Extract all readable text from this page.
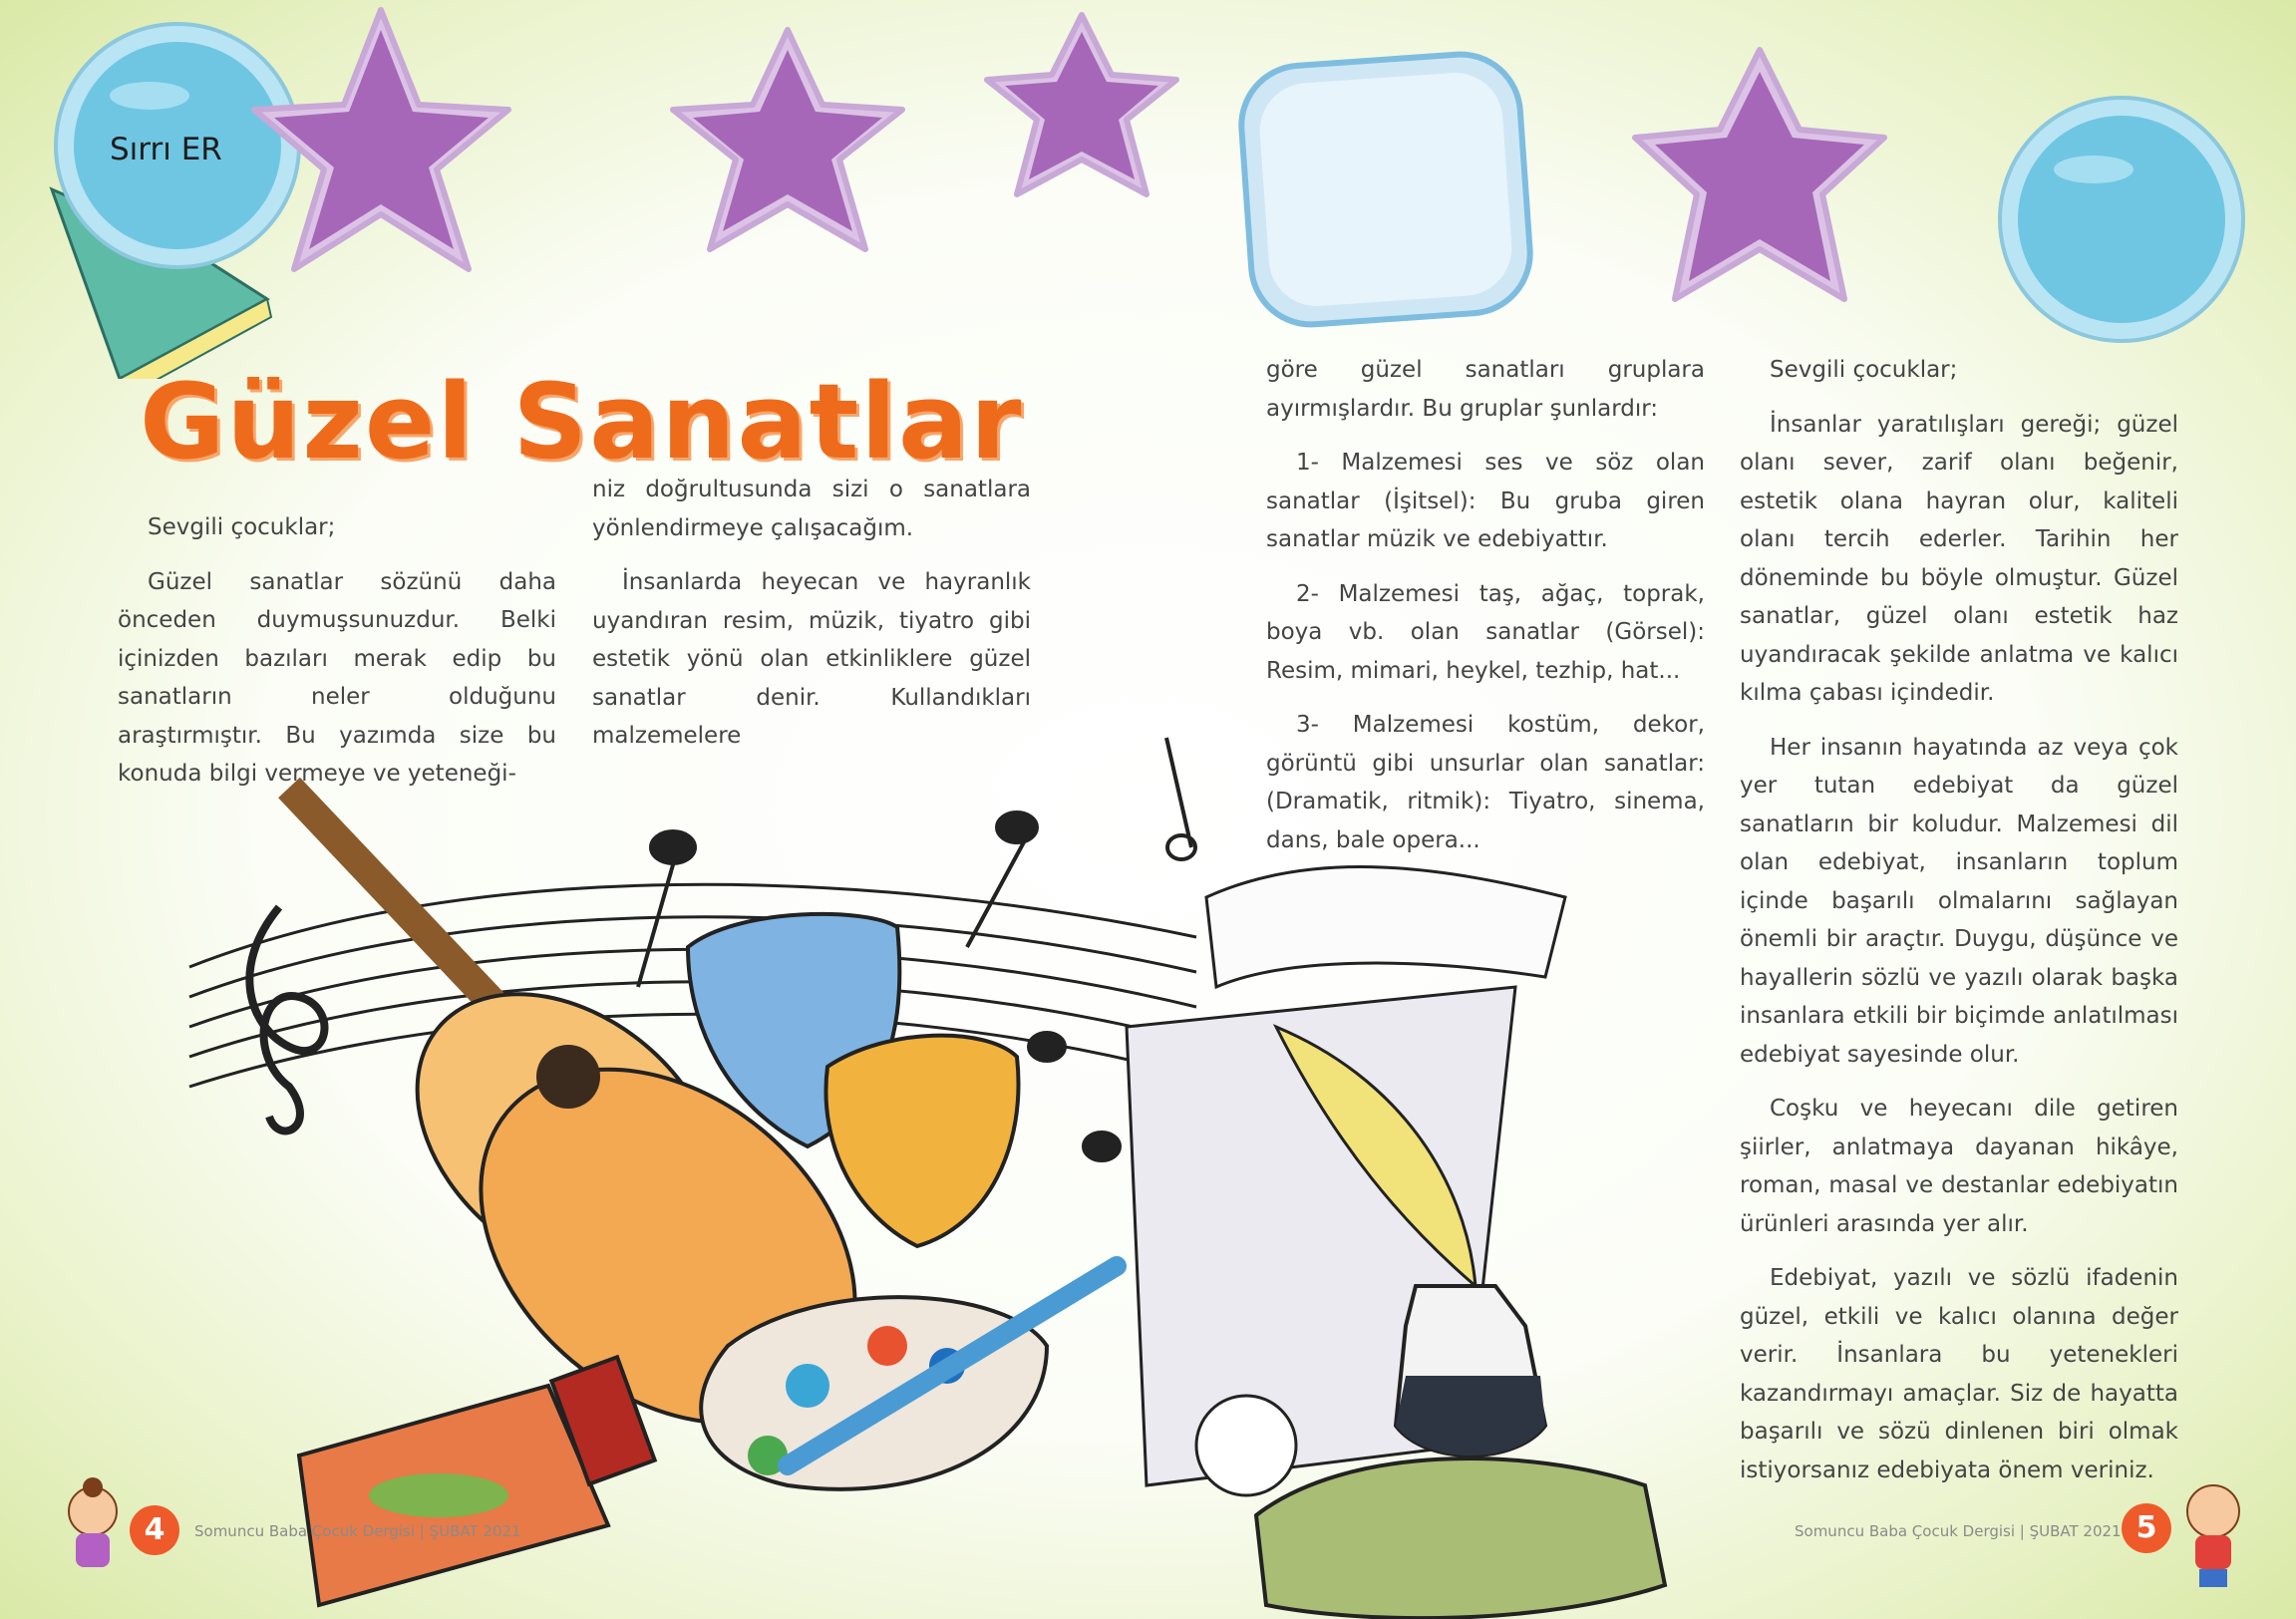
Sırrı ER
Güzel Sanatlar

Sevgili çocuklar;

Güzel sanatlar sözünü daha önceden duymuşsunuzdur. Belki içinizden bazıları merak edip bu sanatların neler olduğunu araştırmıştır. Bu yazımda size bu konuda bilgi vermeye ve yeteneği-

niz doğrultusunda sizi o sanatlara yönlendirmeye çalışacağım.

İnsanlarda heyecan ve hayranlık uyandıran resim, müzik, tiyatro gibi estetik yönü olan etkinliklere güzel sanatlar denir. Kullandıkları malzemelere

göre güzel sanatları gruplara ayırmışlardır. Bu gruplar şunlardır:

1- Malzemesi ses ve söz olan sanatlar (İşitsel): Bu gruba giren sanatlar müzik ve edebiyattır.

2- Malzemesi taş, ağaç, toprak, boya vb. olan sanatlar (Görsel): Resim, mimari, heykel, tezhip, hat...

3- Malzemesi kostüm, dekor, görüntü gibi unsurlar olan sanatlar: (Dramatik, ritmik): Tiyatro, sinema, dans, bale opera...

Sevgili çocuklar;

İnsanlar yaratılışları gereği; güzel olanı sever, zarif olanı beğenir, estetik olana hayran olur, kaliteli olanı tercih ederler. Tarihin her döneminde bu böyle olmuştur. Güzel sanatlar, güzel olanı estetik haz uyandıracak şekilde anlatma ve kalıcı kılma çabası içindedir.

Her insanın hayatında az veya çok yer tutan edebiyat da güzel sanatların bir koludur. Malzemesi dil olan edebiyat, insanların toplum içinde başarılı olmalarını sağlayan önemli bir araçtır. Duygu, düşünce ve hayallerin sözlü ve yazılı olarak başka insanlara etkili bir biçimde anlatılması edebiyat sayesinde olur.

Coşku ve heyecanı dile getiren şiirler, anlatmaya dayanan hikâye, roman, masal ve destanlar edebiyatın ürünleri arasında yer alır.

Edebiyat, yazılı ve sözlü ifadenin güzel, etkili ve kalıcı olanına değer verir. İnsanlara bu yetenekleri kazandırmayı amaçlar. Siz de hayatta başarılı ve sözü dinlenen biri olmak istiyorsanız edebiyata önem veriniz.

4	Somuncu Baba Çocuk Dergisi | ŞUBAT 2021	Somuncu Baba Çocuk Dergisi | ŞUBAT 2021 5
